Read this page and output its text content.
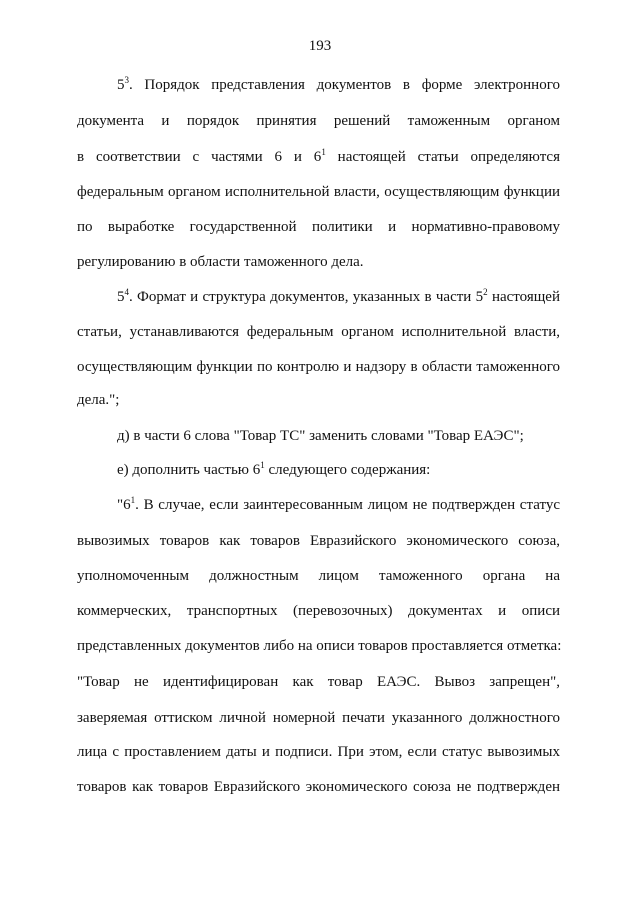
193
$5^3$. Порядок представления документов в форме электронного
документа и порядок принятия решений таможенным органом
в соответствии с частями 6 и $6^1$ настоящей статьи определяются
федеральным органом исполнительной власти, осуществляющим функции
по выработке государственной политики и нормативно-правовому
регулированию в области таможенного дела.
$5^4$. Формат и структура документов, указанных в части $5^2$ настоящей
статьи, устанавливаются федеральным органом исполнительной власти,
осуществляющим функции по контролю и надзору в области таможенного
дела.";
д) в части 6 слова "Товар ТС" заменить словами "Товар ЕАЭС";
е) дополнить частью $6^1$ следующего содержания:
"$6^1$. В случае, если заинтересованным лицом не подтвержден статус
вывозимых товаров как товаров Евразийского экономического союза,
уполномоченным должностным лицом таможенного органа на
коммерческих, транспортных (перевозочных) документах и описи
представленных документов либо на описи товаров проставляется отметка:
"Товар не идентифицирован как товар ЕАЭС. Вывоз запрещен",
заверяемая оттиском личной номерной печати указанного должностного
лица с проставлением даты и подписи. При этом, если статус вывозимых
товаров как товаров Евразийского экономического союза не подтвержден
